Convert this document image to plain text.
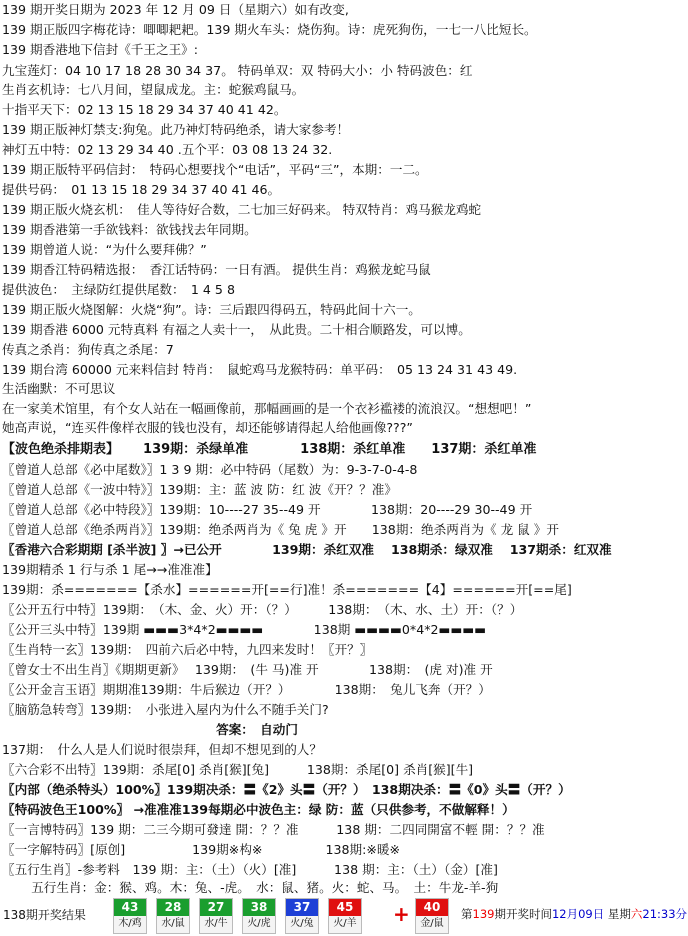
139 期开奖日期为 2023 年 12 月 09 日（星期六）如有改变,
139 期正版四字梅花诗：唧唧耙耙。139 期火车头：烧伤狗。诗：虎死狗伤，一七一八比短长。
139 期香港地下信封《千王之王》:
九宝莲灯：04 10 17 18 28 30 34 37。 特码单双：双 特码大小：小 特码波色：红
生肖玄机诗：七八月间，望鼠成龙。主：蛇猴鸡鼠马。
十指平天下：02 13 15 18 29 34 37 40 41 42。
139 期正版神灯禁支:狗兔。此乃神灯特码绝杀，请大家参考！
神灯五中特：02 13 29 34 40 .五个平：03 08 13 24 32.
139 期正版特平码信封：　特码心想要找个“电话”，平码“三”，本期：一二。
提供号码：　01 13 15 18 29 34 37 40 41 46。
139 期正版火烧玄机：　佳人等待好合数，二七加三好码来。 特双特肖：鸡马猴龙鸡蛇
139 期香港第一手欲钱料：欲钱找去年同期。
139 期曾道人说：“为什么要拜佛？”
139 期香江特码精选报：　香江话特码：一日有酒。 提供生肖：鸡猴龙蛇马鼠
提供波色：　主绿防红提供尾数：　1 4 5 8
139 期正版火烧图解：火烧“狗”。诗：三后跟四得码五，特码此间十六一。
139 期香港 6000 元特真料 有福之人卖十一，　从此贵。二十相合顺路发，可以博。
传真之杀肖：狗传真之杀尾：7
139 期台湾 60000 元来料信封 特肖：　鼠蛇鸡马龙猴特码：单平码：　05 13 24 31 43 49.
生活幽默：不可思议
在一家美术馆里，有个女人站在一幅画像前，那幅画画的是一个衣衫褴褛的流浪汉。“想想吧！”
她高声说，“连买件像样衣服的钱也没有，却还能够请得起人给他画像???”
【波色绝杀排期表】　　 139期：杀绿单准　　　　138期：杀红单准　　137期：杀红单准
〖曾道人总部《必中尾数》〗1 3 9 期：必中特码（尾数）为：9-3-7-0-4-8
〖曾道人总部《一波中特》〗139期：主：蓝 波 防：红 波《开？？准》
〖曾道人总部《必中特段》〗139期：10----27 35--49 开　　　　138期：20----29 30--49 开
〖曾道人总部《绝杀两肖》〗139期：绝杀两肖为《 兔 虎 》开　　138期：绝杀两肖为《 龙 鼠 》开
〖香港六合彩期期 [杀半波] 〗→已公开　　　　139期：杀红双准　 138期杀：绿双准　 137期杀：红双准
139期精杀 1 行与杀 1 尾→→准准准】
139期：杀=======【杀水】======开[==行]准！杀=======【4】======开[==尾]
〖公开五行中特〗139期：　（木、金、火）开：（？）　　　138期：　（木、水、土）开：（？）
〖公开三头中特〗139期 ▬▬▬3*4*2▬▬▬▬　　　　138期 ▬▬▬▬0*4*2▬▬▬▬
〖生肖特一玄〗139期：　四前六后必中特，九四来发时！〖开？〗
〖曾女士不出生肖〗《期期更新》　 139期：　(牛 马)准 开　　　　138期：　(虎 对)准 开
〖公开金言玉语〗期期准139期：牛后猴边（开？）　　　　138期：　兔儿飞奔（开？）
〖脑筋急转弯〗139期：　小张进入屋内为什么不随手关门?
　　　　　　　　　　　　　　　　　答案：　自动门
137期：　什么人是人们说时很崇拜，但却不想见到的人？
〖六合彩不出特〗139期：杀尾[0] 杀肖[猴][兔]　　　138期：杀尾[0] 杀肖[猴][牛]
〖内部（绝杀特头）100%〗139期决杀：〓《2》头〓（开？）　138期决杀：〓《0》头〓（开？）
〖特码波色王100%〗 →准准准139每期必中波色主：绿 防：蓝（只供参考，不做解释！）
〖一言博特码〗139 期：二三今期可發達 開：？？准　　　138 期：二四同開富不輕 開：？？准
〖一字解特码〗[原创]　　　　　 139期※构※　　　　　138期:※暖※
〖五行生肖〗-参考料　139 期：主：（土）（火）[准]　　　138 期：主：（土）（金）[准]
　　 五行生肖：金：猴、鸡。木：兔、-虎。　水：鼠、猪。火：蛇、马。　土：牛龙-羊-狗
138期开奖结果
43
木/鸡
28
水/鼠
27
水/牛
38
火/虎
37
火/兔
45
火/羊
40
金/鼠
+	第139期开奖时间12月09日 星期六21:33分
